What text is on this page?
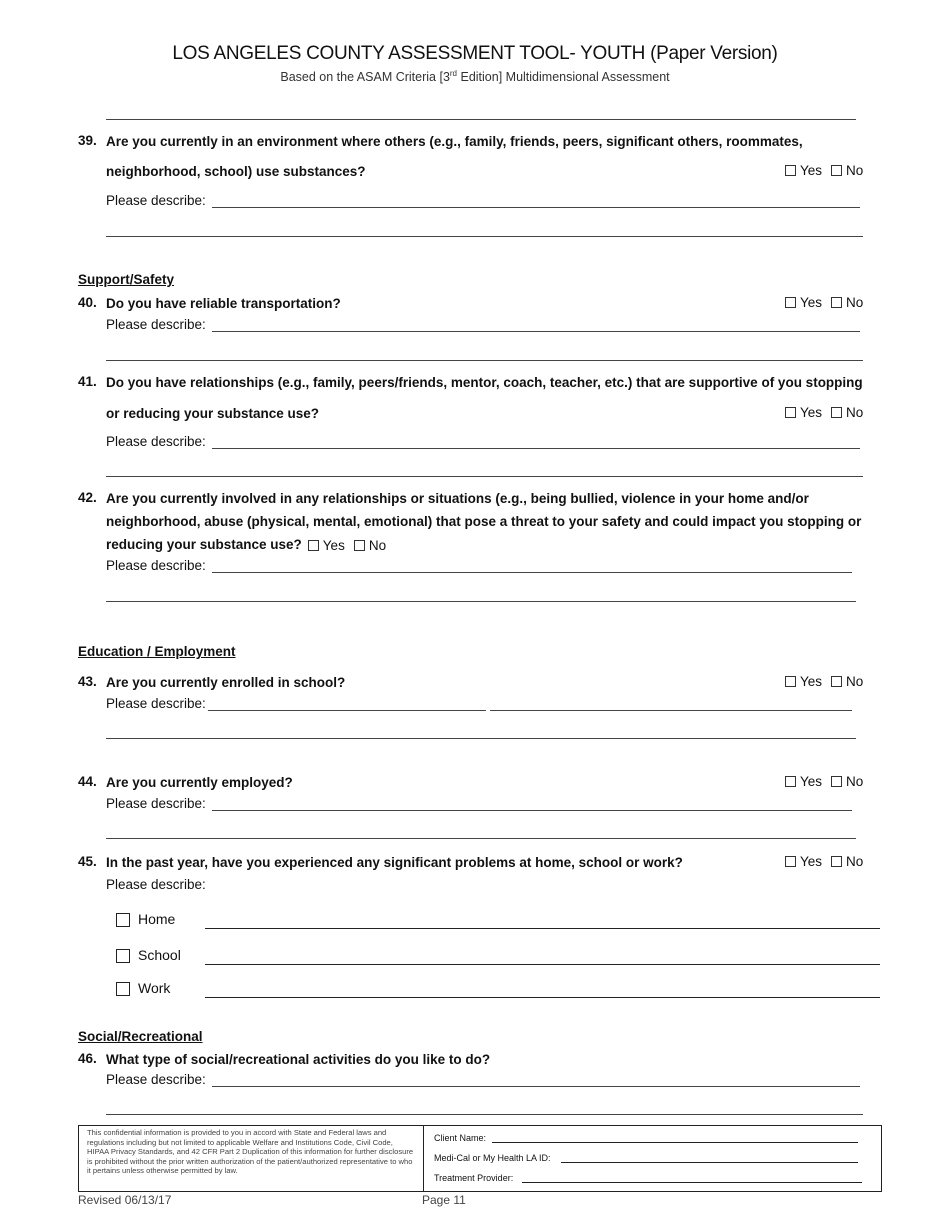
LOS ANGELES COUNTY ASSESSMENT TOOL- YOUTH (Paper Version)
Based on the ASAM Criteria [3rd Edition] Multidimensional Assessment
39. Are you currently in an environment where others (e.g., family, friends, peers, significant others, roommates,
neighborhood, school) use substances?	Yes No
Please describe:
Support/Safety
40. Do you have reliable transportation?	Yes No
Please describe:
41. Do you have relationships (e.g., family, peers/friends, mentor, coach, teacher, etc.) that are supportive of you stopping
or reducing your substance use?	Yes No
Please describe:
42. Are you currently involved in any relationships or situations (e.g., being bullied, violence in your home and/or
neighborhood, abuse (physical, mental, emotional) that pose a threat to your safety and could impact you stopping or
reducing your substance use? Yes No
Please describe:
Education / Employment
43. Are you currently enrolled in school?	Yes No
Please describe:
44. Are you currently employed?	Yes No
Please describe:
45. In the past year, have you experienced any significant problems at home, school or work?	Yes No
Please describe:
Home
School
Work
Social/Recreational
46. What type of social/recreational activities do you like to do?
Please describe:
This confidential information is provided to you in accord with State and Federal laws and regulations including but not limited to applicable Welfare and Institutions Code, Civil Code, HIPAA Privacy Standards, and 42 CFR Part 2 Duplication of this information for further disclosure is prohibited without the prior written authorization of the patient/authorized representative to who it pertains unless otherwise permitted by law.
Client Name:
Medi-Cal or My Health LA ID:
Treatment Provider:
Revised 06/13/17	Page 11
